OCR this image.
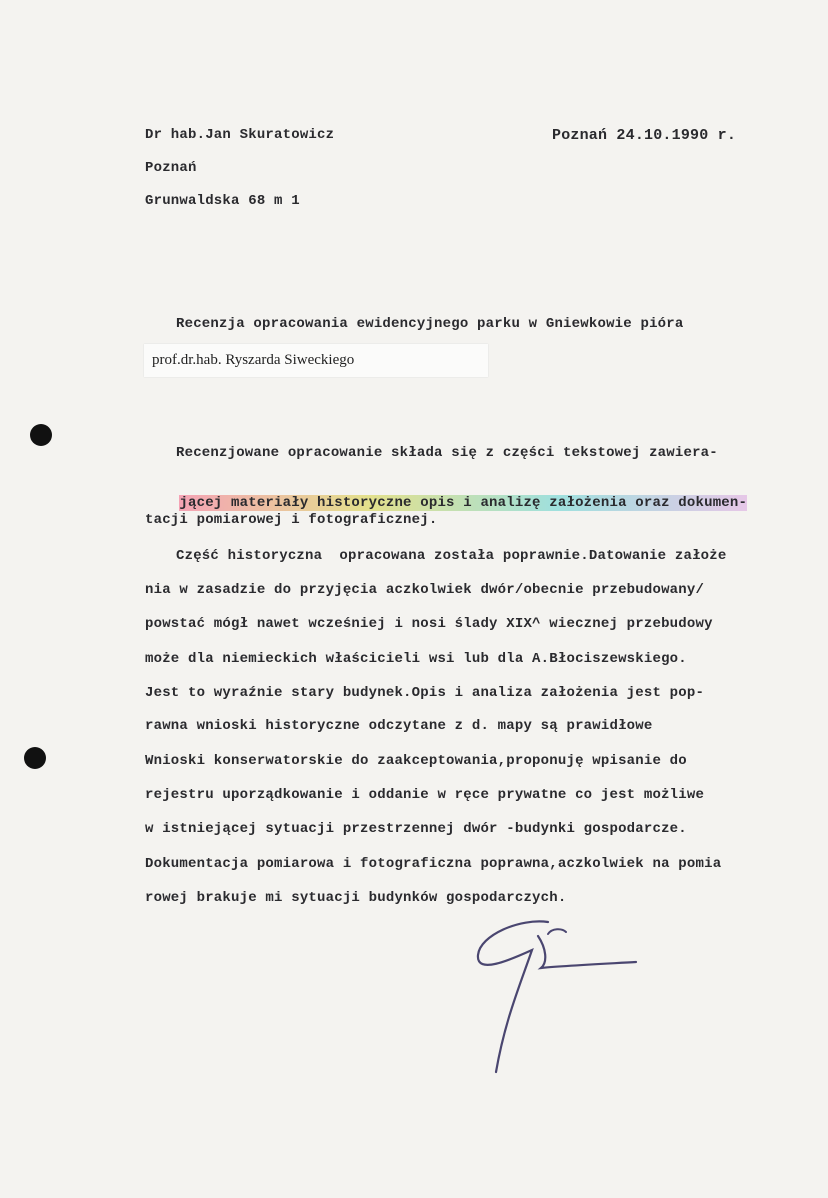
Dr hab.Jan Skuratowicz	Poznań 24.10.1990 r.
Poznań
Grunwaldska 68 m 1
Recenzja opracowania ewidencyjnego parku w Gniewkowie pióra
prof.dr.hab. Ryszarda Siweckiego
Recenzjowane opracowanie składa się z części tekstowej zawiera-

jącej materiały historyczne opis i analizę założenia oraz dokumen-

tacji pomiarowej i fotograficznej.
Część historyczna  opracowana została poprawnie.Datowanie założe
nia w zasadzie do przyjęcia aczkolwiek dwór/obecnie przebudowany/
powstać mógł nawet wcześniej i nosi ślady XIX^ wiecznej przebudowy
może dla niemieckich właścicieli wsi lub dla A.Błociszewskiego.
Jest to wyraźnie stary budynek.Opis i analiza założenia jest pop-
rawna wnioski historyczne odczytane z d. mapy są prawidłowe
Wnioski konserwatorskie do zaakceptowania,proponuję wpisanie do
rejestru uporządkowanie i oddanie w ręce prywatne co jest możliwe
w istniejącej sytuacji przestrzennej dwór -budynki gospodarcze.
Dokumentacja pomiarowa i fotograficzna poprawna,aczkolwiek na pomia
rowej brakuje mi sytuacji budynków gospodarczych.
